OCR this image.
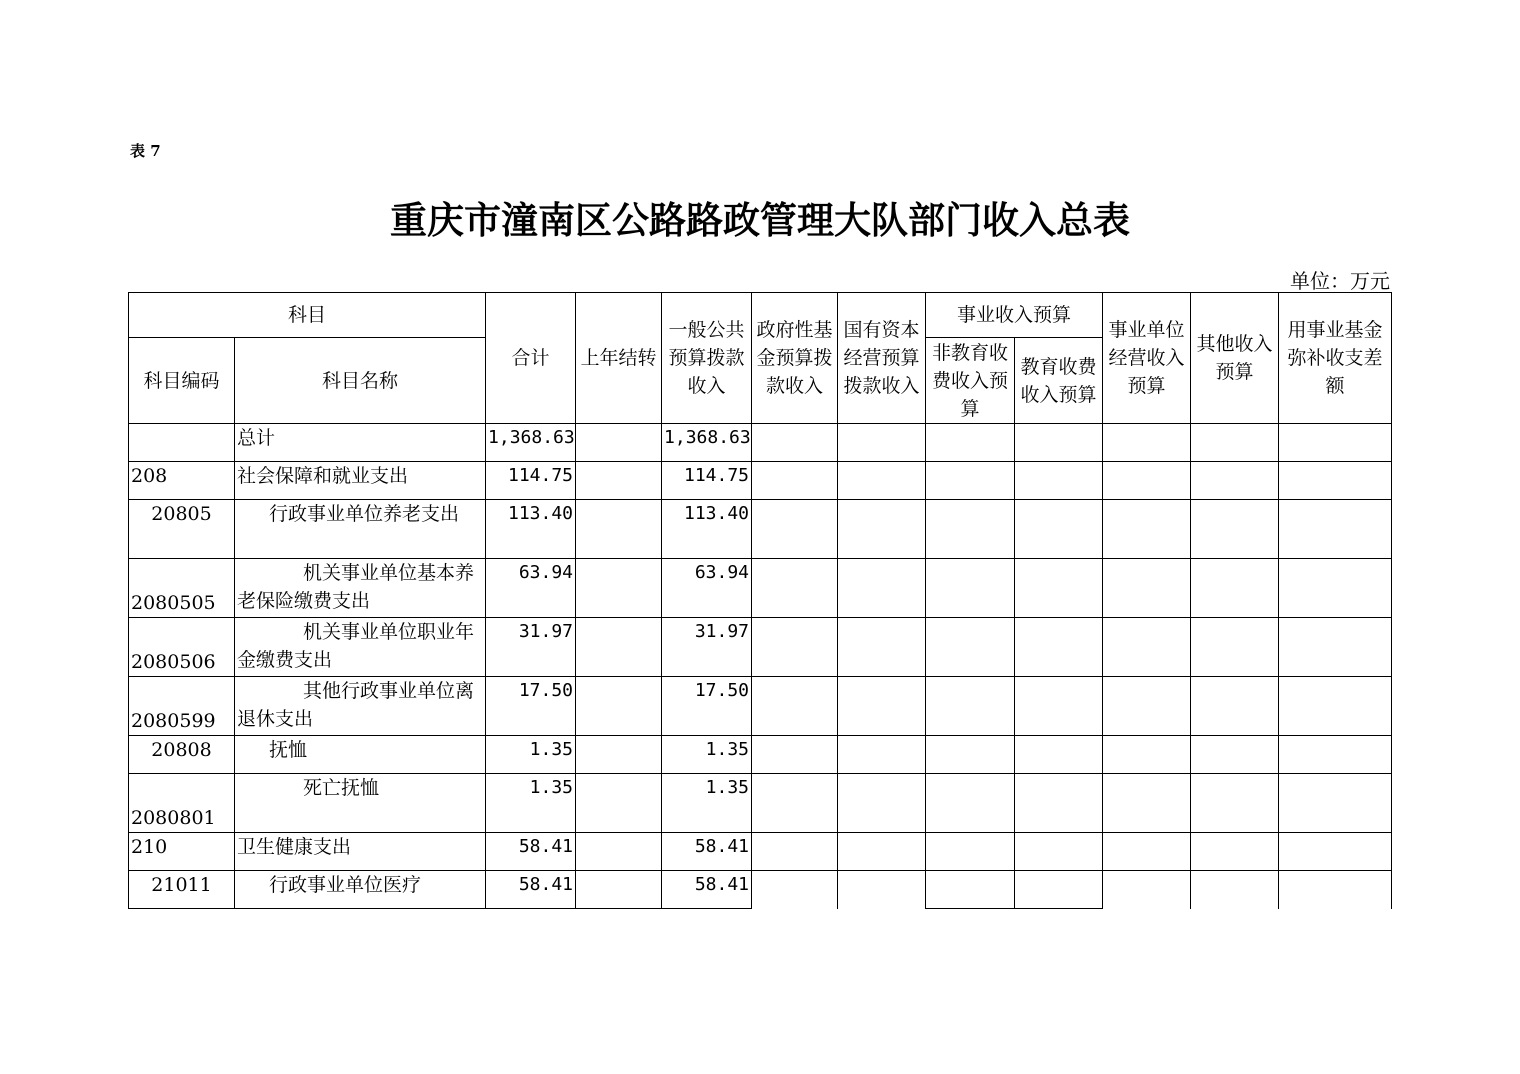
表 7
重庆市潼南区公路路政管理大队部门收入总表
单位：万元
科目		合计	上年结转	一般公共预算拨款收入	政府性基金预算拨款收入	国有资本经营预算拨款收入	事业收入预算		事业单位经营收入预算	其他收入预算	用事业基金弥补收支差额
科目编码	科目名称						非教育收费收入预算	教育收费收入预算			
	总计	1,368.63		1,368.63							
208	社会保障和就业支出	114.75		114.75							
20805	行政事业单位养老支出	113.40		113.40							
2080505	机关事业单位基本养老保险缴费支出	63.94		63.94							
2080506	机关事业单位职业年金缴费支出	31.97		31.97							
2080599	其他行政事业单位离退休支出	17.50		17.50							
20808	抚恤	1.35		1.35							
2080801	死亡抚恤	1.35		1.35							
210	卫生健康支出	58.41		58.41							
21011	行政事业单位医疗	58.41		58.41							
